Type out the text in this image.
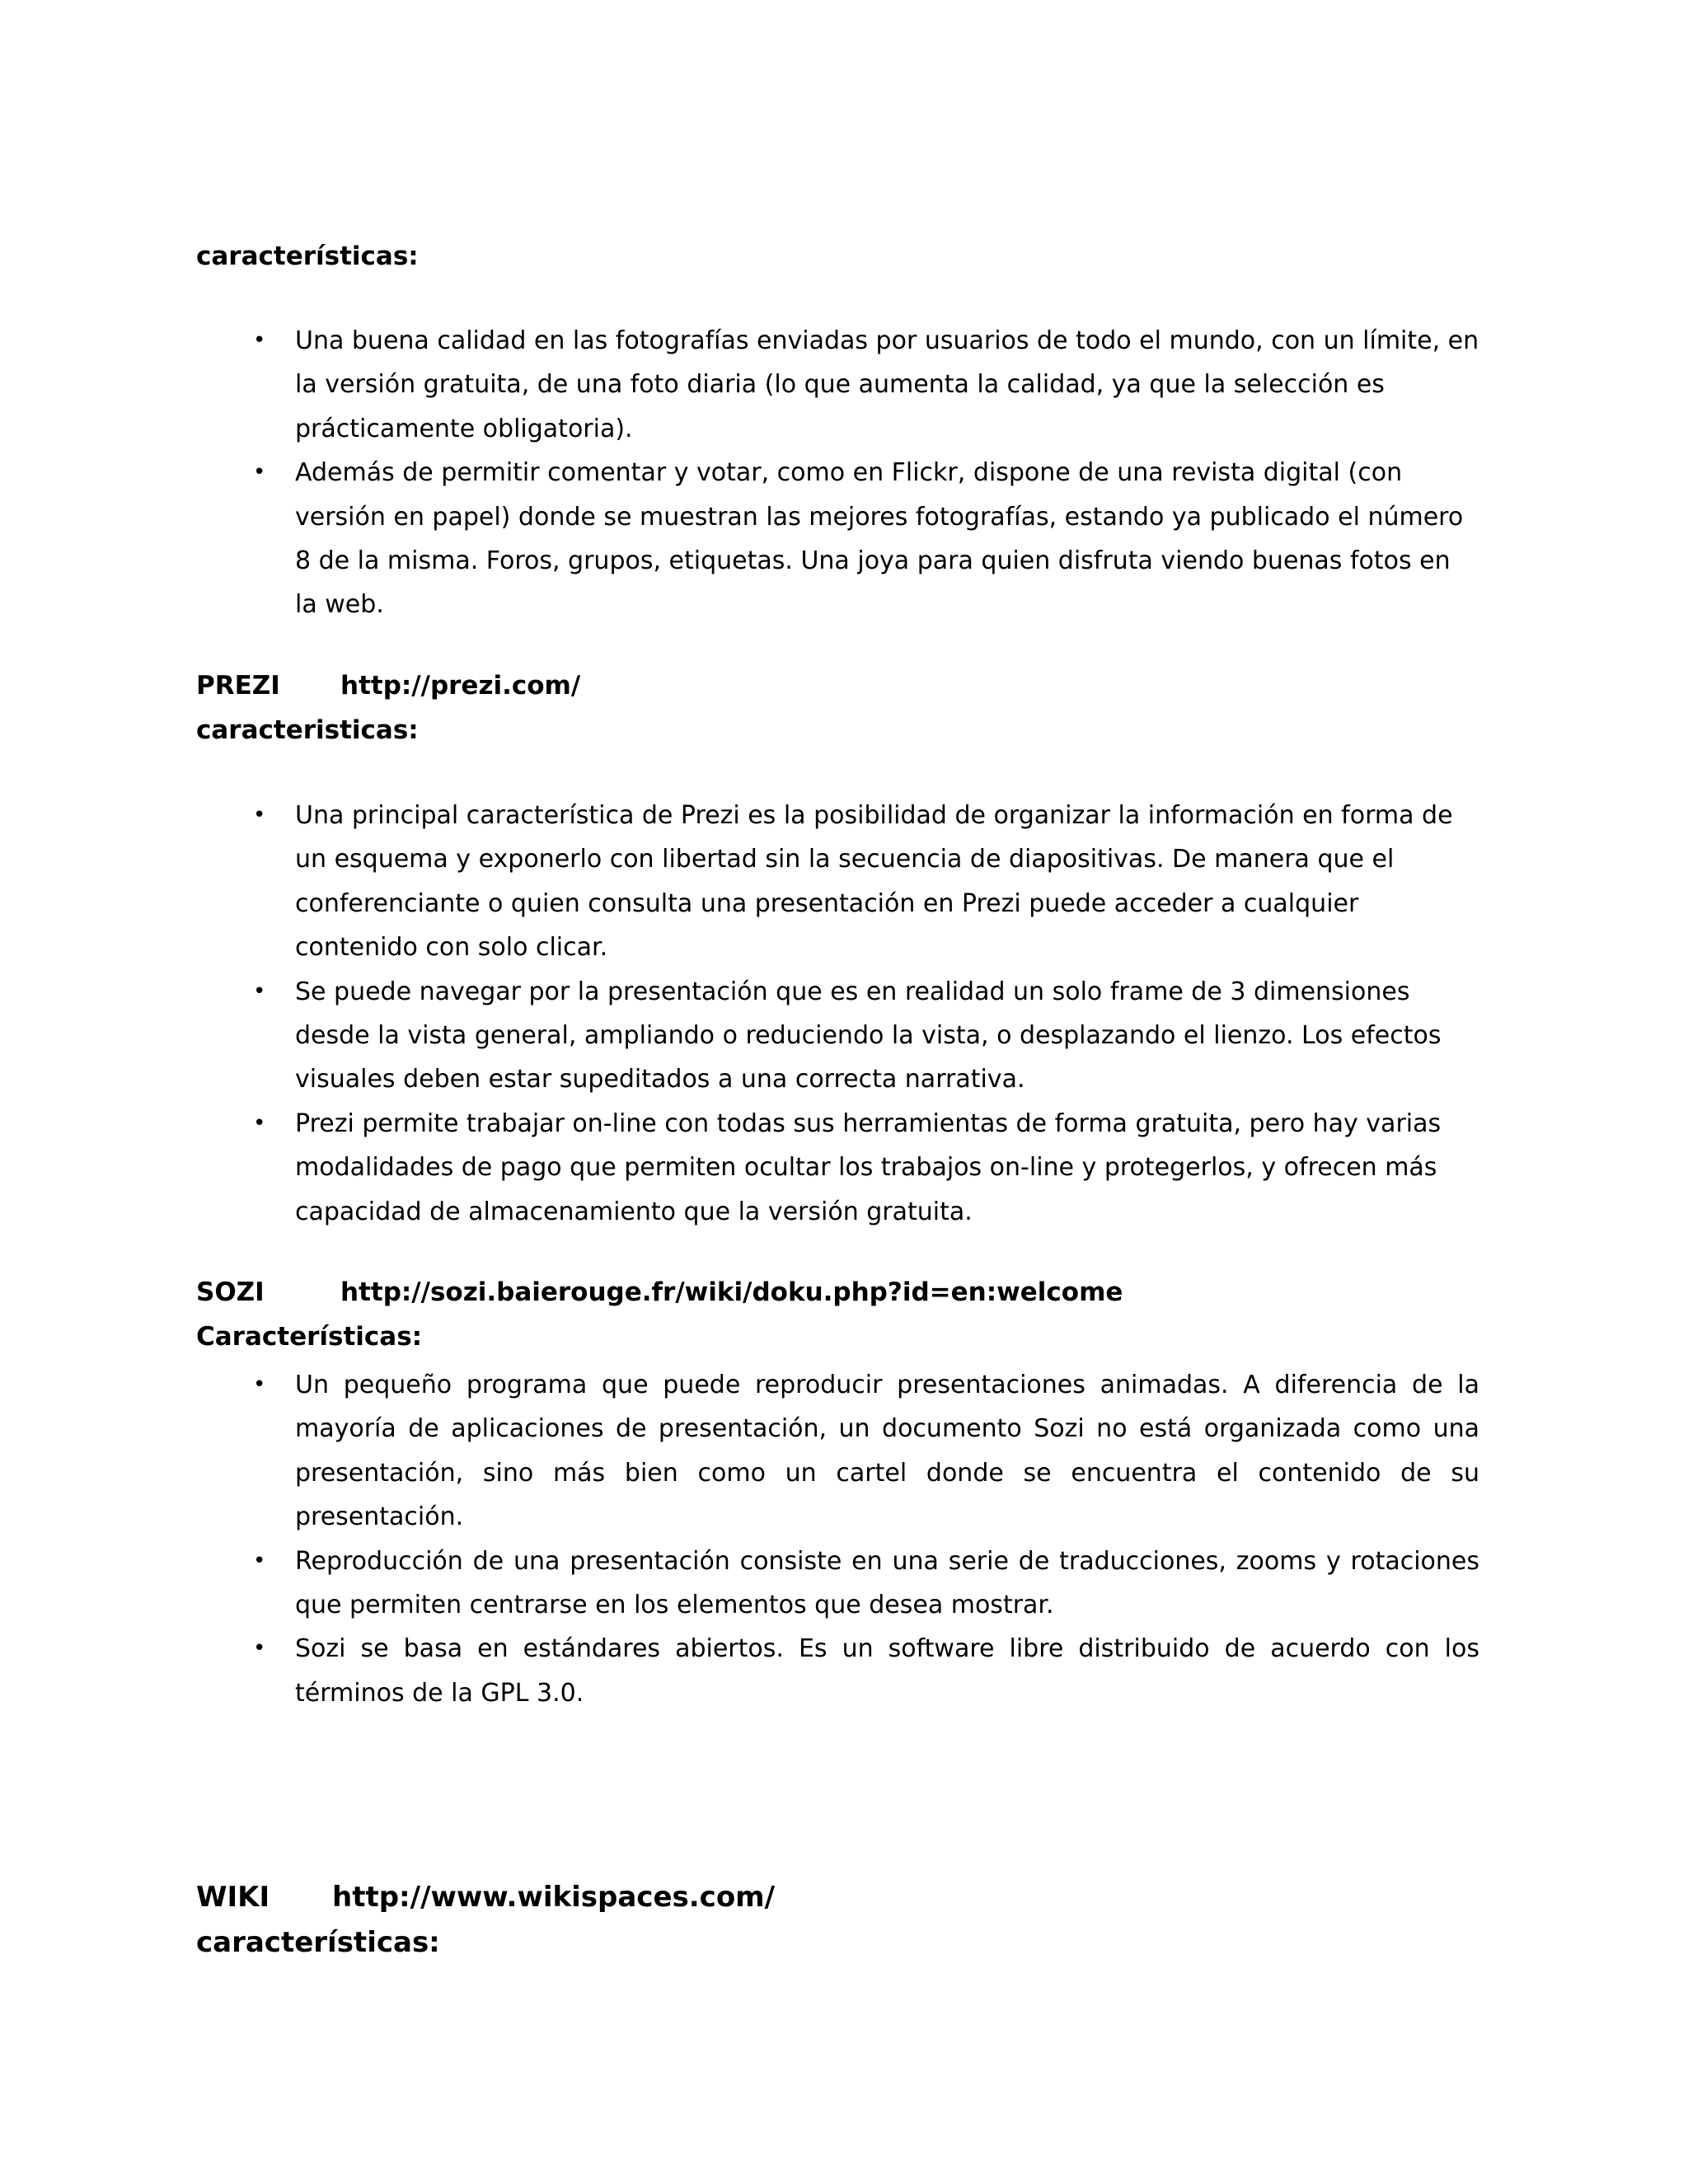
características:
• Una buena calidad en las fotografías enviadas por usuarios de todo el mundo, con un límite, en la versión gratuita, de una foto diaria (lo que aumenta la calidad, ya que la selección es prácticamente obligatoria).
• Además de permitir comentar y votar, como en Flickr, dispone de una revista digital (con versión en papel) donde se muestran las mejores fotografías, estando ya publicado el número 8 de la misma. Foros, grupos, etiquetas. Una joya para quien disfruta viendo buenas fotos en la web.
PREZI http://prezi.com/
caracteristicas:
• Una principal característica de Prezi es la posibilidad de organizar la información en forma de un esquema y exponerlo con libertad sin la secuencia de diapositivas. De manera que el conferenciante o quien consulta una presentación en Prezi puede acceder a cualquier contenido con solo clicar.
• Se puede navegar por la presentación que es en realidad un solo frame de 3 dimensiones desde la vista general, ampliando o reduciendo la vista, o desplazando el lienzo. Los efectos visuales deben estar supeditados a una correcta narrativa.
• Prezi permite trabajar on-line con todas sus herramientas de forma gratuita, pero hay varias modalidades de pago que permiten ocultar los trabajos on-line y protegerlos, y ofrecen más capacidad de almacenamiento que la versión gratuita.
SOZI	http://sozi.baierouge.fr/wiki/doku.php?id=en:welcome
Características:
• Un pequeño programa que puede reproducir presentaciones animadas. A diferencia de la mayoría de aplicaciones de presentación, un documento Sozi no está organizada como una presentación, sino más bien como un cartel donde se encuentra el contenido de su presentación.
• Reproducción de una presentación consiste en una serie de traducciones, zooms y rotaciones que permiten centrarse en los elementos que desea mostrar.
• Sozi se basa en estándares abiertos. Es un software libre distribuido de acuerdo con los términos de la GPL 3.0.
WIKI http://www.wikispaces.com/
características:
